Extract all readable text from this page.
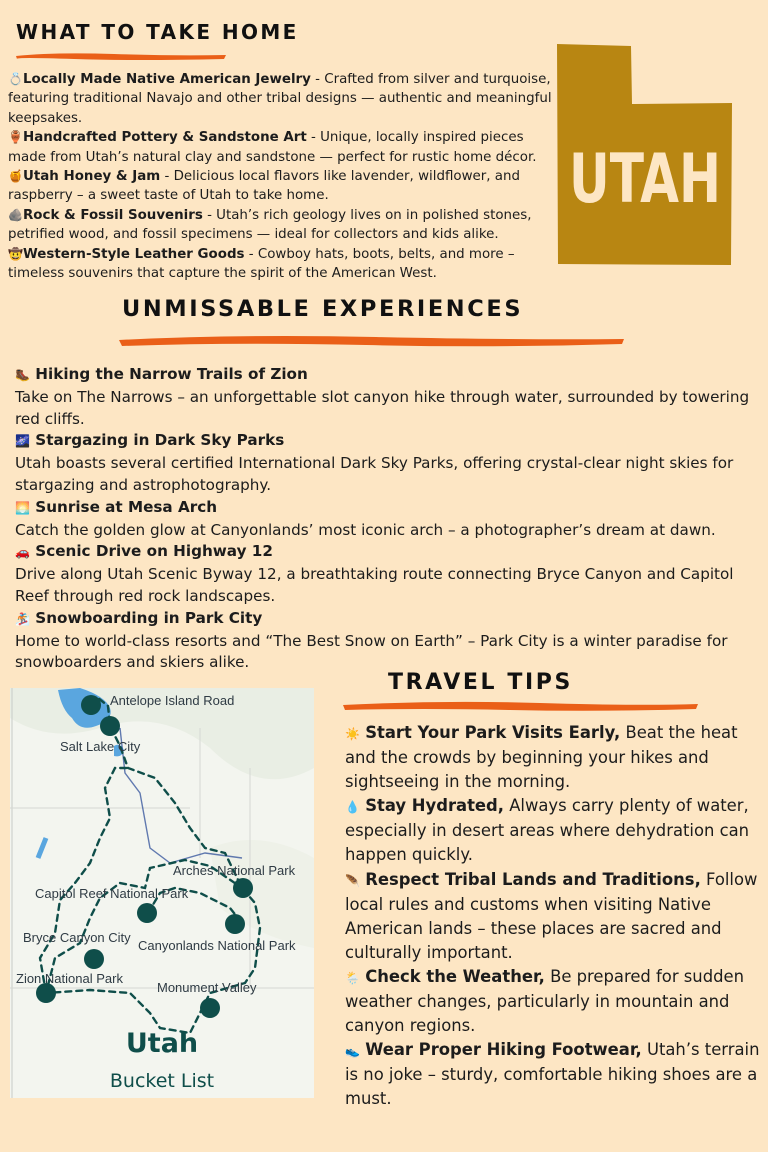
WHAT TO TAKE HOME

💍Locally Made Native American Jewelry - Crafted from silver and turquoise, featuring traditional Navajo and other tribal designs — authentic and meaningful keepsakes.

🏺Handcrafted Pottery & Sandstone Art - Unique, locally inspired pieces made from Utah’s natural clay and sandstone — perfect for rustic home décor.

🍯Utah Honey & Jam - Delicious local flavors like lavender, wildflower, and raspberry – a sweet taste of Utah to take home.

🪨Rock & Fossil Souvenirs - Utah’s rich geology lives on in polished stones, petrified wood, and fossil specimens — ideal for collectors and kids alike.

🤠Western-Style Leather Goods - Cowboy hats, boots, belts, and more – timeless souvenirs that capture the spirit of the American West.

UTAH
UNMISSABLE EXPERIENCES

🥾 Hiking the Narrow Trails of Zion

Take on The Narrows – an unforgettable slot canyon hike through water, surrounded by towering red cliffs.

🌌 Stargazing in Dark Sky Parks

Utah boasts several certified International Dark Sky Parks, offering crystal-clear night skies for stargazing and astrophotography.

🌅 Sunrise at Mesa Arch

Catch the golden glow at Canyonlands’ most iconic arch – a photographer’s dream at dawn.

🚗 Scenic Drive on Highway 12

Drive along Utah Scenic Byway 12, a breathtaking route connecting Bryce Canyon and Capitol Reef through red rock landscapes.

🏂 Snowboarding in Park City

Home to world-class resorts and “The Best Snow on Earth” – Park City is a winter paradise for snowboarders and skiers alike.

Antelope Island Road
Salt Lake City
Arches National Park
Capitol Reef National Park
Bryce Canyon City
Canyonlands National Park
Zion National Park
Monument Valley
Utah
Bucket List
TRAVEL TIPS

☀️ Start Your Park Visits Early, Beat the heat and the crowds by beginning your hikes and sightseeing in the morning.

💧 Stay Hydrated, Always carry plenty of water, especially in desert areas where dehydration can happen quickly.

🪶 Respect Tribal Lands and Traditions, Follow local rules and customs when visiting Native American lands – these places are sacred and culturally important.

🌦️ Check the Weather, Be prepared for sudden weather changes, particularly in mountain and canyon regions.

👟 Wear Proper Hiking Footwear, Utah’s terrain is no joke – sturdy, comfortable hiking shoes are a must.
